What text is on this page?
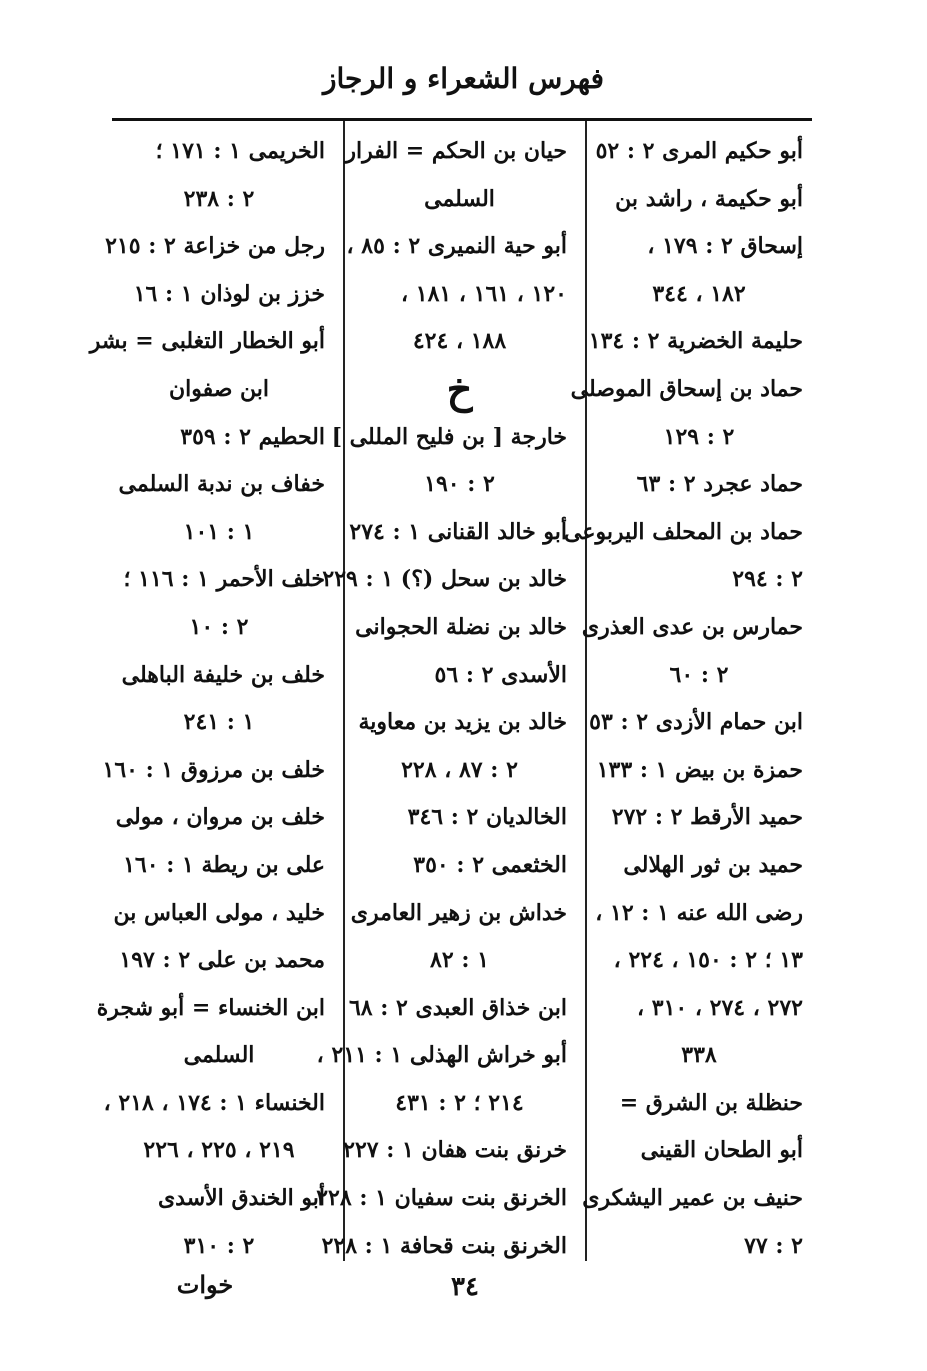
فهرس الشعراء و الرجاز
أبو حكيم المرى ٢ : ٥٢
أبو حكيمة ، راشد بن
إسحاق ٢ : ١٧٩ ،
١٨٢ ، ٣٤٤
حليمة الخضرية ٢ : ١٣٤
حماد بن إسحاق الموصلى
٢ : ١٢٩
حماد عجرد ٢ : ٦٣
حماد بن المحلف اليربوعى
٢ : ٢٩٤
حمارس بن عدى العذرى
٢ : ٦٠
ابن حمام الأزدى ٢ : ٥٣
حمزة بن بيض ١ : ١٣٣
حميد الأرقط ٢ : ٢٧٢
حميد بن ثور الهلالى
رضى الله عنه ١ : ١٢ ،
١٣ ؛ ٢ : ١٥٠ ، ٢٢٤ ،
٢٧٢ ، ٢٧٤ ، ٣١٠ ،
٣٣٨
حنظلة بن الشرق =
أبو الطحان القينى
حنيف بن عمير اليشكرى
٢ : ٧٧
حيان بن الحكم = الفرار
السلمى
أبو حية النميرى ٢ : ٨٥ ،
١٢٠ ، ١٦١ ، ١٨١ ،
١٨٨ ، ٤٢٤
خ
خارجة [ بن فليح المللى ]
٢ : ١٩٠
أبو خالد القنانى ١ : ٢٧٤
خالد بن سحل (؟) ١ : ٢٢٩
خالد بن نضلة الحجوانى
الأسدى ٢ : ٥٦
خالد بن يزيد بن معاوية
٢ : ٨٧ ، ٢٢٨
الخالديان ٢ : ٣٤٦
الخثعمى ٢ : ٣٥٠
خداش بن زهير العامرى
١ : ٨٢
ابن خذاق العبدى ٢ : ٦٨
أبو خراش الهذلى ١ : ٢١١ ،
٢١٤ ؛ ٢ : ٤٣١
خرنق بنت هفان ١ : ٢٢٧
الخرنق بنت سفيان ١ : ٢٢٨
الخرنق بنت قحافة ١ : ٢٢٨
الخريمى ١ : ١٧١ ؛
٢ : ٢٣٨
رجل من خزاعة ٢ : ٢١٥
خزز بن لوذان ١ : ١٦
أبو الخطار التغلبى = بشر
ابن صفوان
الحطيم ٢ : ٣٥٩
خفاف بن ندبة السلمى
١ : ١٠١
خلف الأحمر ١ : ١١٦ ؛
٢ : ١٠
خلف بن خليفة الباهلى
١ : ٢٤١
خلف بن مرزوق ١ : ١٦٠
خلف بن مروان ، مولى
على بن ريطة ١ : ١٦٠
خليد ، مولى العباس بن
محمد بن على ٢ : ١٩٧
ابن الخنساء = أبو شجرة
السلمى
الخنساء ١ : ١٧٤ ، ٢١٨ ،
٢١٩ ، ٢٢٥ ، ٢٢٦
أبو الخندق الأسدى
٢ : ٣١٠
٣٤
خوات
